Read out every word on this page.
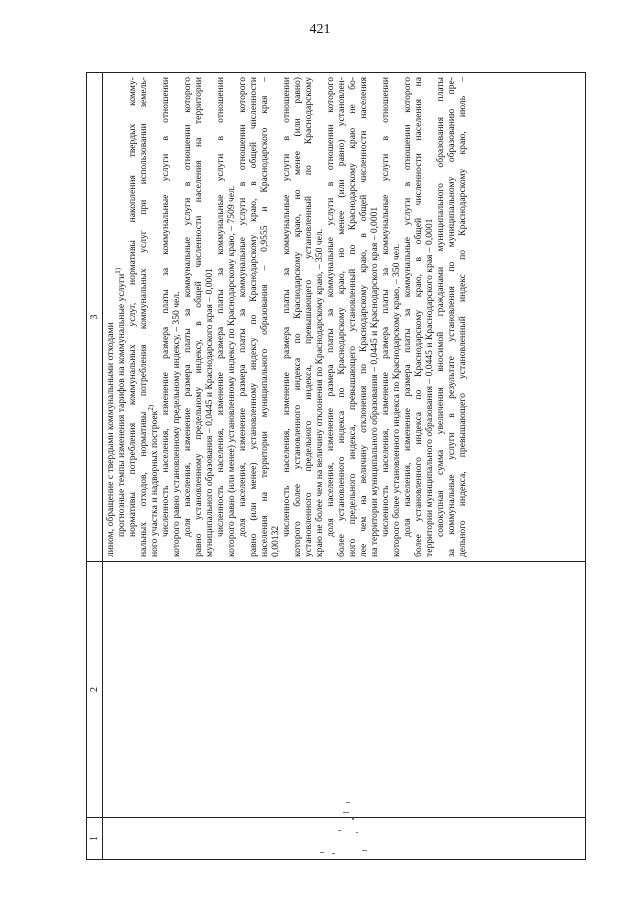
421
1
2
3
лином, обращение с твердыми коммунальными отходами прогнозные темпы изменения тарифов на коммунальные услуги$^{1)}$ нормативы потребления коммунальных услуг, нормативы накопления твердых комму- нальных отходов, нормативы потребления коммунальных услуг при использовании земель- ного участка и надворных построек$^{2)}$ численность населения, изменение размера платы за коммунальные услуги в отношении которого равно установленному предельному индексу, – 350 чел. доля населения, изменение размера платы за коммунальные услуги в отношении которого равно установленному предельному индексу, в общей численности населения на территории муниципального образования – 0,0445 и Краснодарского края – 0,0001 численность населения, изменение размера платы за коммунальные услуги в отношении которого равно (или менее) установленному индексу по Краснодарскому краю, – 7509 чел. доля населения, изменение размера платы за коммунальные услуги в отношении которого равно (или менее) установленному индексу по Краснодарскому краю, в общей численности населения на территории муниципального образования – 0,9555 и Краснодарского края – 0,00132
численность населения, изменение размера платы за коммунальные услуги в отношении которого более установленного индекса по Краснодарскому краю, но менее (или равно) установленного предельного индекса, превышающего установленный по Краснодарскому краю не более чем на величину отклонения по Краснодарскому краю, – 350 чел. доля населения, изменение размера платы за коммунальные услуги в отношении которого более установленного индекса по Краснодарскому краю, но менее (или равно) установлен- ного предельного индекса, превышающего установленный по Краснодарскому краю не бо- лее чем на величину отклонения по Краснодарскому краю, в общей численности населения на территории муниципального образования – 0,0445 и Краснодарского края – 0,0001 численность населения, изменение размера платы за коммунальные услуги в отношении которого более установленного индекса по Краснодарскому краю, – 350 чел. доля населения, изменение размера платы за коммунальные услуги в отношении которого более установленного индекса по Краснодарскому краю, в общей численности населения на территории муниципального образования – 0,0445 и Краснодарского края – 0,0001 совокупная сумма увеличения вносимой гражданами муниципального образования платы за коммунальные услуги в результате установления по муниципальному образованию пре- дельного индекса, превышающего установленный индекс по Краснодарскому краю, июль –
